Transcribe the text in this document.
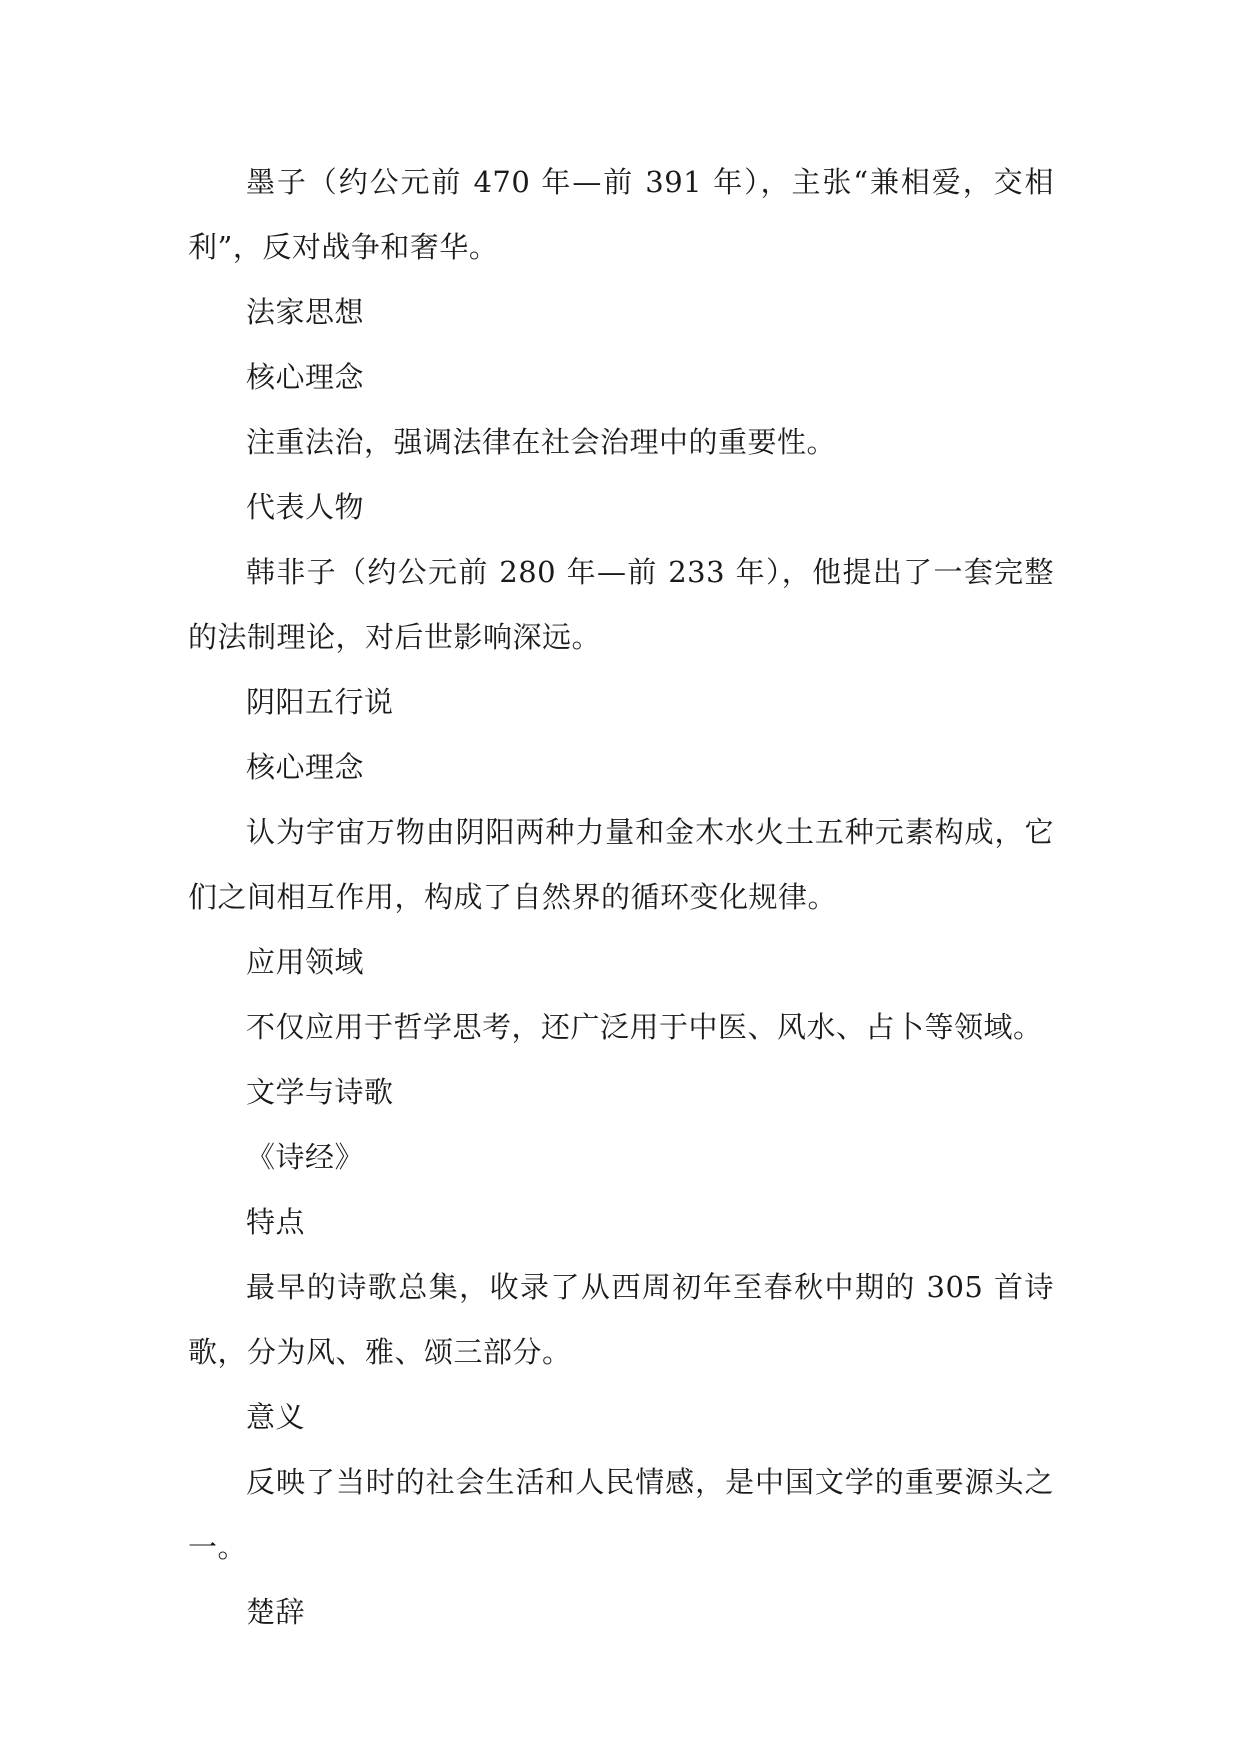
墨子（约公元前 470 年—前 391 年），主张“兼相爱，交相利”，反对战争和奢华。

法家思想

核心理念

注重法治，强调法律在社会治理中的重要性。

代表人物

韩非子（约公元前 280 年—前 233 年），他提出了一套完整的法制理论，对后世影响深远。

阴阳五行说

核心理念

认为宇宙万物由阴阳两种力量和金木水火土五种元素构成，它们之间相互作用，构成了自然界的循环变化规律。

应用领域

不仅应用于哲学思考，还广泛用于中医、风水、占卜等领域。

文学与诗歌

《诗经》

特点

最早的诗歌总集，收录了从西周初年至春秋中期的 305 首诗歌，分为风、雅、颂三部分。

意义

反映了当时的社会生活和人民情感，是中国文学的重要源头之一。

楚辞
